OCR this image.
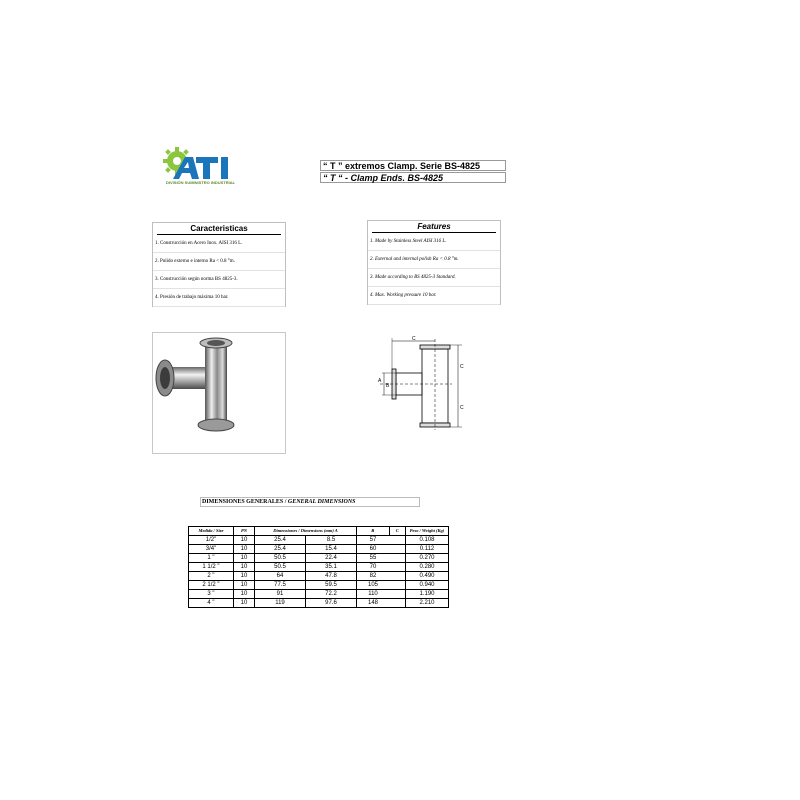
DIVISIÓN SUMINISTRO INDUSTRIAL
“ T ” extremos Clamp. Serie BS-4825
“ T “ - Clamp Ends. BS-4825
Caracteristicas
1. Construcción en Acero Inox. AISI 316 L.
2. Pulido externo e interno Ra < 0.8 °m.
3. Construcción según norma BS 4825-3.
4. Presión de trabajo máxima 10 bar.
Features
1. Made by Stainless Steel AISI 316 L.
2. External and internal polish Ra < 0.8 °m.
3. Made according to BS 4825-3 Standard.
4. Max. Working pressure 10 bar.
C
C
C
A
B
DIMENSIONES GENERALES / GENERAL DIMENSIONS
Medida / Size	PN	Dimensiones / Dimensions (mm) A		B	C	Peso / Weight (Kg)
1/2"	10	25.4	8.5	57		0.108
3/4"	10	25.4	15.4	60		0.112
1 "	10	50.5	22.4	55		0.270
1 1/2 "	10	50.5	35.1	70		0.280
2 "	10	64	47.8	82		0.490
2 1/2 "	10	77.5	59.5	105		0.940
3 "	10	91	72.2	110		1.190
4 "	10	119	97.6	148		2.210
